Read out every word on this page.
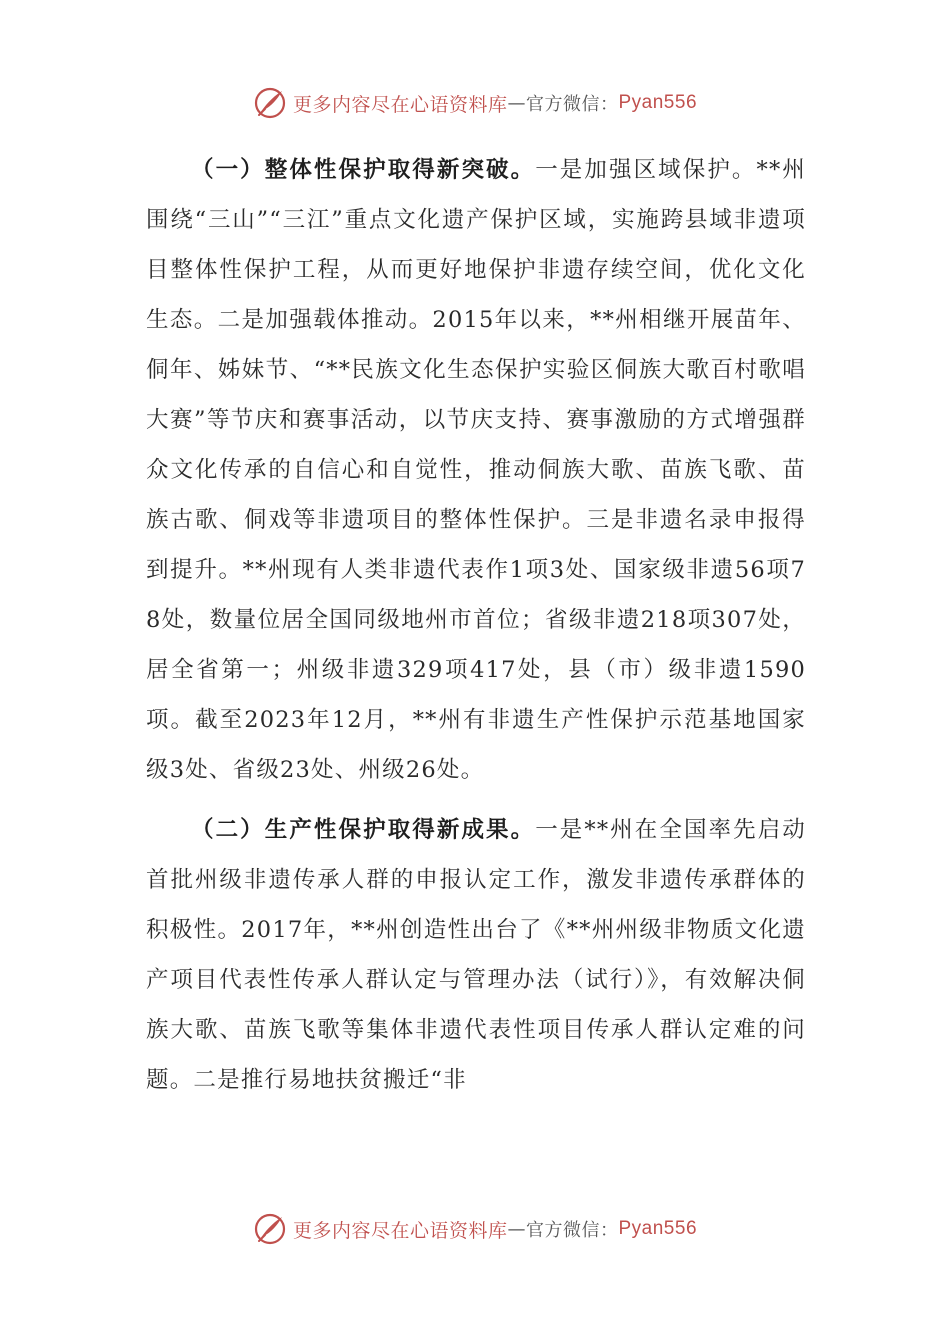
更多内容尽在心语资料库 — 官方微信： Pyan556

（一）整体性保护取得新突破。一是加强区域保护。**州围绕“三山”“三江”重点文化遗产保护区域，实施跨县域非遗项目整体性保护工程，从而更好地保护非遗存续空间，优化文化生态。二是加强载体推动。2015年以来，**州相继开展苗年、侗年、姊妹节、“**民族文化生态保护实验区侗族大歌百村歌唱大赛”等节庆和赛事活动，以节庆支持、赛事激励的方式增强群众文化传承的自信心和自觉性，推动侗族大歌、苗族飞歌、苗族古歌、侗戏等非遗项目的整体性保护。三是非遗名录申报得到提升。**州现有人类非遗代表作1项3处、国家级非遗56项78处，数量位居全国同级地州市首位；省级非遗218项307处，居全省第一；州级非遗329项417处，县（市）级非遗1590项。截至2023年12月，**州有非遗生产性保护示范基地国家级3处、省级23处、州级26处。

（二）生产性保护取得新成果。一是**州在全国率先启动首批州级非遗传承人群的申报认定工作，激发非遗传承群体的积极性。2017年，**州创造性出台了《**州州级非物质文化遗产项目代表性传承人群认定与管理办法（试行）》，有效解决侗族大歌、苗族飞歌等集体非遗代表性项目传承人群认定难的问题。二是推行易地扶贫搬迁“非

更多内容尽在心语资料库 — 官方微信： Pyan556
